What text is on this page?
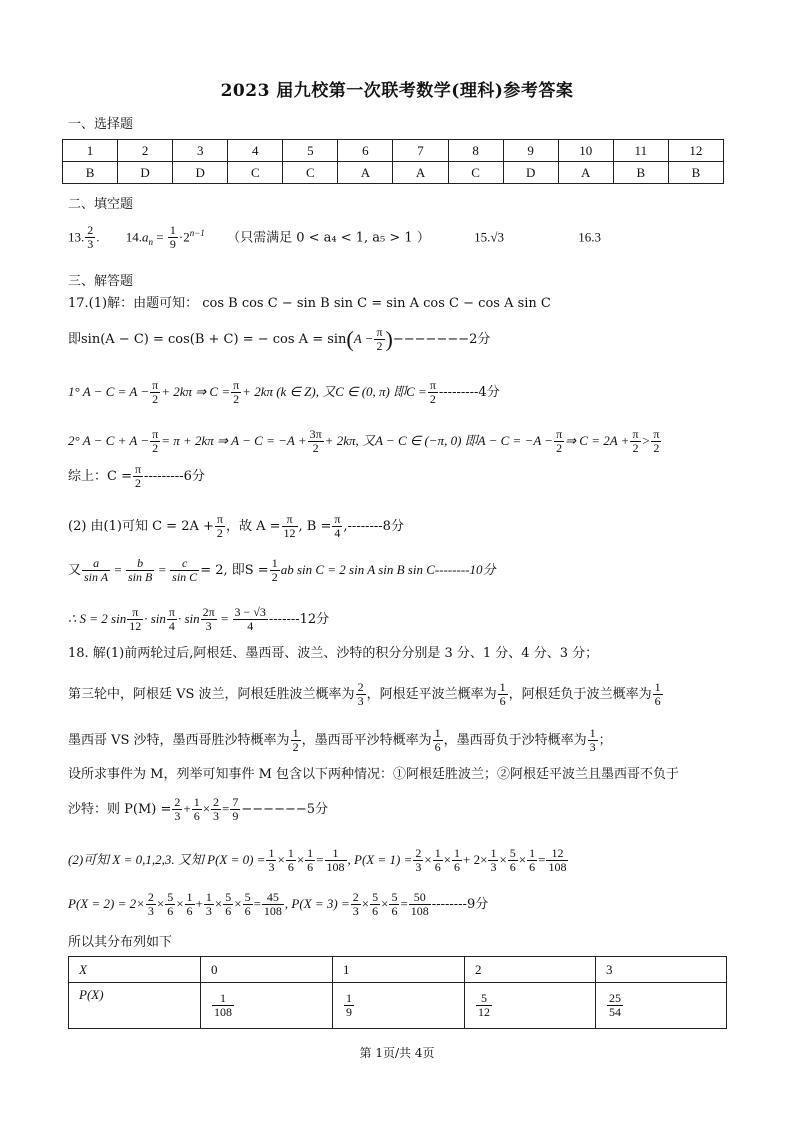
2023 届九校第一次联考数学(理科)参考答案
一、选择题
1	2	3	4	5	6	7	8	9	10	11	12
B	D	D	C	C	A	A	C	D	A	B	B
二、填空题
13. $\frac{2}{3}$ . $14.a_n = \frac{1}{9} \cdot 2^{n-1}$ （只需满足 0 < a₄ < 1, a₅ > 1 ）	15.√3	16.3
三、解答题
17.(1)解：由题可知： cos B cos C − sin B sin C = sin A cos C − cos A sin C
即sin(A − C) = cos(B + C) = − $\cos A = \sin(A - \frac{\pi}{2} )-------2$分
1° $A - C = A - \frac{\pi}{2} + 2k\pi$ ⇒ $C = \frac{\pi}{2} + 2k\pi$ (k ∈ Z), 又C ∈ (0, π) 即$C = \frac{\pi}{2} ---------4$分
2° $A - C + A - \frac{\pi}{2} = \pi + 2k\pi$ ⇒ $A - C = -A + \frac{3\pi}{2} + 2k\pi$, 又A − C ∈ (−π, 0) 即$A - C = -A - \frac{\pi}{2}$ ⇒ $C = 2A + \frac{\pi}{2} > \frac{\pi}{2}$
综上：$C = \frac{\pi}{2} ---------6$分
(2) 由(1)可知 $C = 2A + \frac{\pi}{2}$ ，故 $A = \frac{\pi}{12}$ , $B = \frac{\pi}{4} ,--------8$分
又 $\frac{a}{\text{sin A}} = \frac{b}{\text{sin B}} = \frac{c}{\text{sin C}} = 2$, 即$S = \frac{1}{2}$ ab sin C = 2 sin A sin B sin C--------10分
∴ S = 2 $\sin \frac{\pi}{12} \cdot \sin \frac{\pi}{4} \cdot \sin \frac{2\pi}{3} = \frac{3 - √3}{4} -------12$分
18. 解(1)前两轮过后,阿根廷、墨西哥、波兰、沙特的积分分别是 3 分、1 分、4 分、3 分；
第三轮中，阿根廷 VS 波兰，阿根廷胜波兰概率为 $\frac{2}{3}$ ，阿根廷平波兰概率为 $\frac{1}{6}$ ，阿根廷负于波兰概率为 $\frac{1}{6}$
墨西哥 VS 沙特，墨西哥胜沙特概率为 $\frac{1}{2}$ ，墨西哥平沙特概率为 $\frac{1}{6}$ ，墨西哥负于沙特概率为 $\frac{1}{3}$ ；
设所求事件为 M，列举可知事件 M 包含以下两种情况：①阿根廷胜波兰；②阿根廷平波兰且墨西哥不负于
沙特：则 $P(M) = \frac{2}{3} + \frac{1}{6} \times \frac{2}{3} = \frac{7}{9} ------5$分
(2)可知 X = 0,1,2,3. 又知 $P(X = 0) = \frac{1}{3} \times \frac{1}{6} \times \frac{1}{6} = \frac{1}{108}$ , $P(X = 1) = \frac{2}{3} \times \frac{1}{6} \times \frac{1}{6} + 2\times \frac{1}{3} \times \frac{5}{6} \times \frac{1}{6} = \frac{12}{108}$
$P(X = 2) = 2\times \frac{2}{3} \times \frac{5}{6} \times \frac{1}{6} + \frac{1}{3} \times \frac{5}{6} \times \frac{5}{6} = \frac{45}{108}$ , $P(X = 3) = \frac{2}{3} \times \frac{5}{6} \times \frac{5}{6} = \frac{50}{108} --------9$分
所以其分布列如下
X	0	1	2	3
P(X)	$\frac{1}{108}$	$\frac{1}{9}$	$\frac{5}{12}$	$\frac{25}{54}$
第 1页/共 4页
